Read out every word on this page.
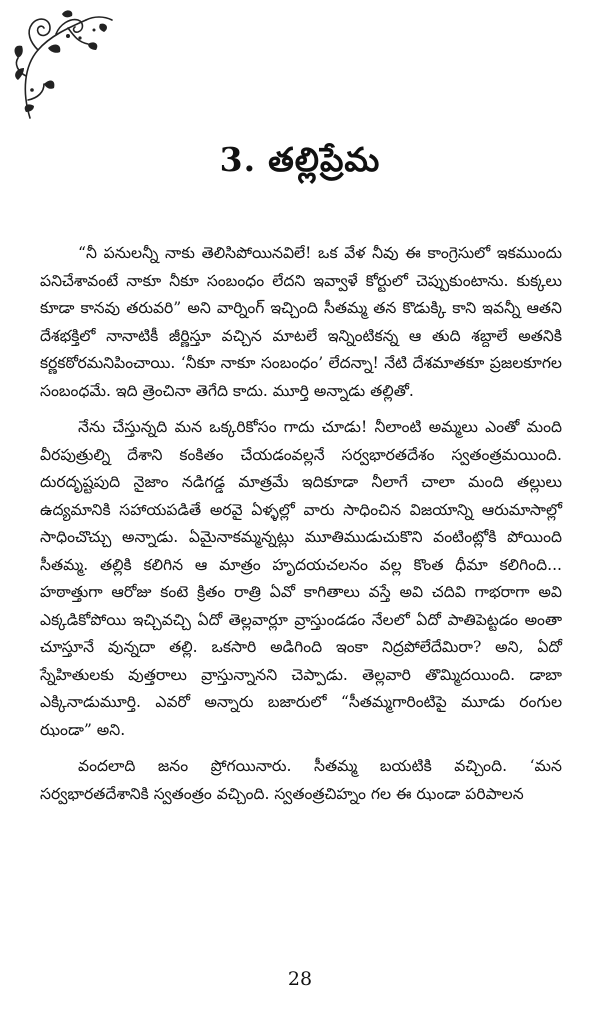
3. తల్లిప్రేమ

“నీ పనులన్నీ నాకు తెలిసిపోయినవిలే! ఒక వేళ నీవు ఈ కాంగ్రెసులో ఇకముందు పనిచేశావంటే నాకూ నీకూ సంబంధం లేదని ఇవ్వాళే కోర్టులో చెప్పుకుంటాను. కుక్కలు కూడా కానవు తరువరి” అని వార్నింగ్ ఇచ్చింది సీతమ్మ తన కొడుక్కి కాని ఇవన్నీ ఆతని దేశభక్తిలో నానాటికీ జీర్ణిస్తూ వచ్చిన మాటలే ఇన్నింటికన్న ఆ తుది శబ్దాలే అతనికి కర్ణకఠోరమనిపించాయి. ‘నీకూ నాకూ సంబంధం’ లేదన్నా! నేటి దేశమాతకూ ప్రజలకూగల సంబంధమే. ఇది త్రెంచినా తెగేది కాదు. మూర్తి అన్నాడు తల్లితో.

నేను చేస్తున్నది మన ఒక్కరికోసం గాదు చూడు! నీలాంటి అమ్మలు ఎంతో మంది వీరపుత్రుల్ని దేశాని కంకితం చేయడంవల్లనే సర్వభారతదేశం స్వతంత్రమయింది. దురదృష్టపుది నైజాం నడిగడ్డ మాత్రమే ఇదికూడా నీలాగే చాలా మంది తల్లులు ఉద్యమానికి సహాయపడితే అరవై ఏళ్ళల్లో వారు సాధించిన విజయాన్ని ఆరుమాసాల్లో సాధించొచ్చు అన్నాడు. ఏమైనాకమ్మన్నట్లు మూతిముడుచుకొని వంటింట్లోకి పోయింది సీతమ్మ. తల్లికి కలిగిన ఆ మాత్రం హృదయచలనం వల్ల కొంత ధీమా కలిగింది... హఠాత్తుగా ఆరోజు కంటె క్రితం రాత్రి ఏవో కాగితాలు వస్తే అవి చదివి గాభరాగా అవి ఎక్కడికోపోయి ఇచ్చివచ్చి ఏదో తెల్లవార్లూ వ్రాస్తుండడం నేలలో ఏదో పాతిపెట్టడం అంతా చూస్తూనే వున్నదా తల్లి. ఒకసారి అడిగింది ఇంకా నిద్రపోలేదేమిరా? అని, ఏదో స్నేహితులకు వుత్తరాలు వ్రాస్తున్నానని చెప్పాడు. తెల్లవారి తొమ్మిదయింది. డాబా ఎక్కినాడుమూర్తి. ఎవరో అన్నారు బజారులో “సీతమ్మగారింటిపై మూడు రంగుల ఝండా” అని.

వందలాది జనం ప్రోగయినారు. సీతమ్మ బయటికి వచ్చింది. ‘మన సర్వభారతదేశానికి స్వతంత్రం వచ్చింది. స్వతంత్రచిహ్నం గల ఈ ఝండా పరిపాలన

28
